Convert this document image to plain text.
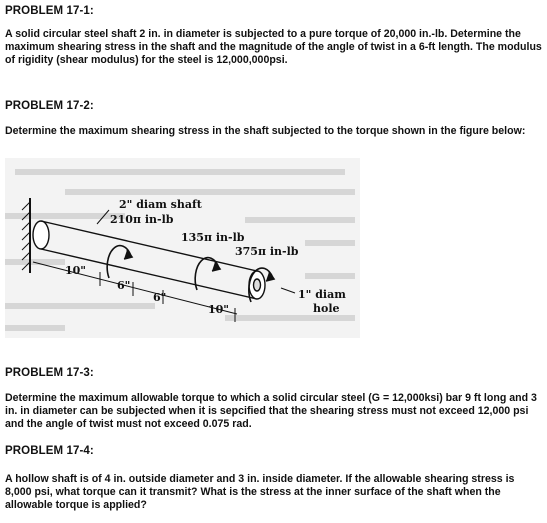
PROBLEM 17-1:
A solid circular steel shaft 2 in. in diameter is subjected to a pure torque of 20,000 in.-lb. Determine the maximum shearing stress in the shaft and the magnitude of the angle of twist in a 6-ft length. The modulus of rigidity (shear modulus) for the steel is 12,000,000psi.
PROBLEM 17-2:
Determine the maximum shearing stress in the shaft subjected to the torque shown in the figure below:
2" diam shaft
210π in-lb
135π in-lb
375π in-lb
10"
6"
6"
10"
1" diam
hole
PROBLEM 17-3:
Determine the maximum allowable torque to which a solid circular steel (G = 12,000ksi) bar 9 ft long and 3 in. in diameter can be subjected when it is sepcified that the shearing stress must not exceed 12,000 psi and the angle of twist must not exceed 0.075 rad.
PROBLEM 17-4:
A hollow shaft is of 4 in. outside diameter and 3 in. inside diameter. If the allowable shearing stress is 8,000 psi, what torque can it transmit? What is the stress at the inner surface of the shaft when the allowable torque is applied?
